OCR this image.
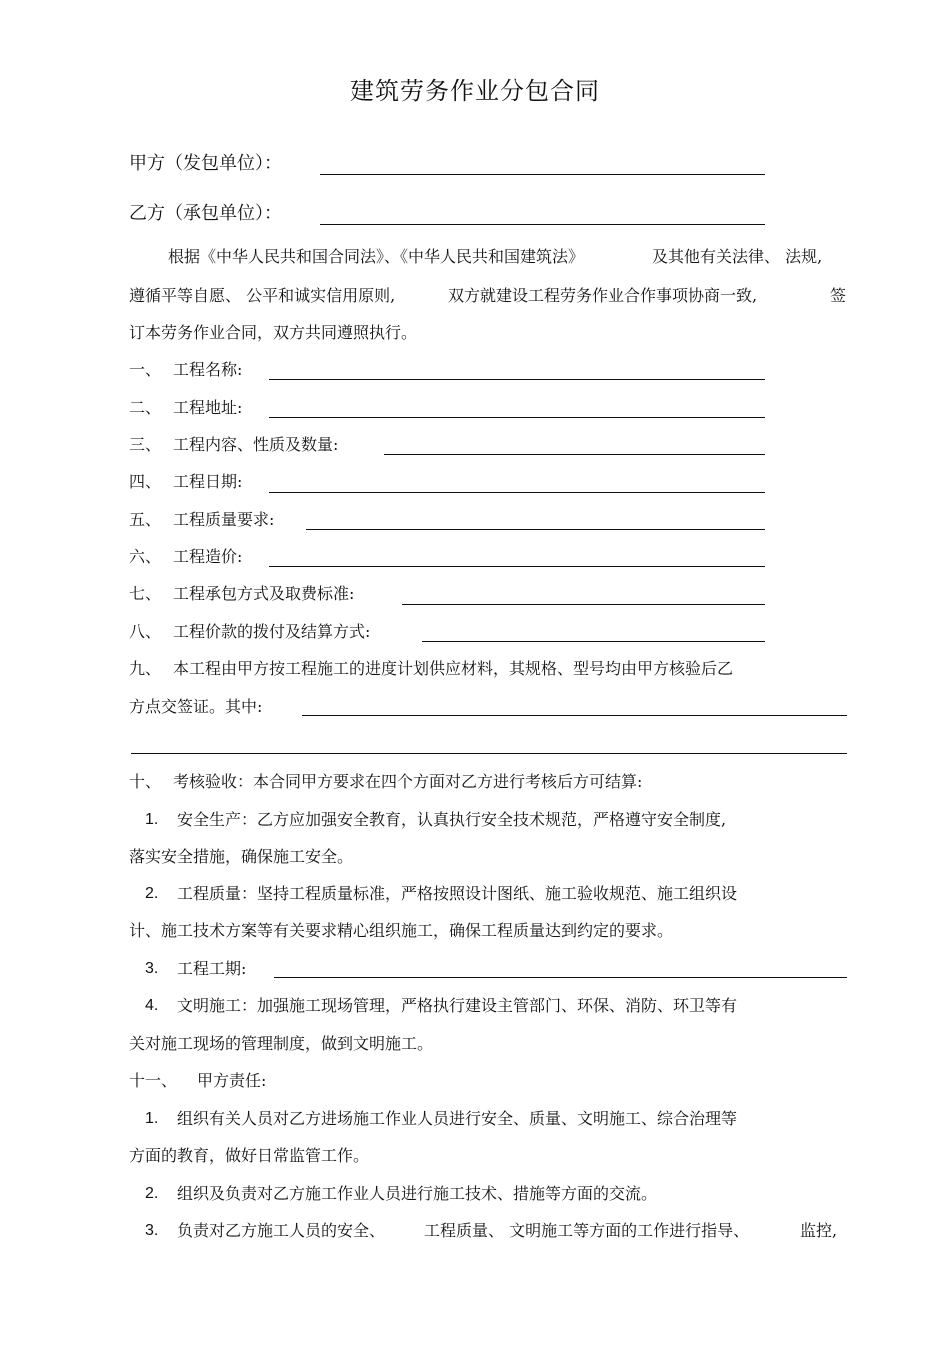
建筑劳务作业分包合同
甲方（发包单位）：
乙方（承包单位）：
根据《中华人民共和国合同法》、《中华人民共和国建筑法》	及其他有关法律、 法规,
遵循平等自愿、 公平和诚实信用原则,	双方就建设工程劳务作业合作事项协商一致,	签
订本劳务作业合同，双方共同遵照执行。
一、 工程名称:
二、 工程地址:
三、 工程内容、性质及数量:
四、 工程日期:
五、 工程质量要求:
六、 工程造价:
七、 工程承包方式及取费标准:
八、 工程价款的拨付及结算方式:
九、 本工程由甲方按工程施工的进度计划供应材料，其规格、型号均由甲方核验后乙
方点交签证。其中:
十、 考核验收：本合同甲方要求在四个方面对乙方进行考核后方可结算:
1. 安全生产：乙方应加强安全教育，认真执行安全技术规范，严格遵守安全制度,
落实安全措施，确保施工安全。
2. 工程质量：坚持工程质量标准，严格按照设计图纸、施工验收规范、施工组织设
计、施工技术方案等有关要求精心组织施工，确保工程质量达到约定的要求。
3. 工程工期:
4. 文明施工：加强施工现场管理，严格执行建设主管部门、环保、消防、环卫等有
关对施工现场的管理制度，做到文明施工。
十一、 甲方责任:
1. 组织有关人员对乙方进场施工作业人员进行安全、质量、文明施工、综合治理等
方面的教育，做好日常监管工作。
2. 组织及负责对乙方施工作业人员进行施工技术、措施等方面的交流。
3. 负责对乙方施工人员的安全、 工程质量、 文明施工等方面的工作进行指导、	监控,
